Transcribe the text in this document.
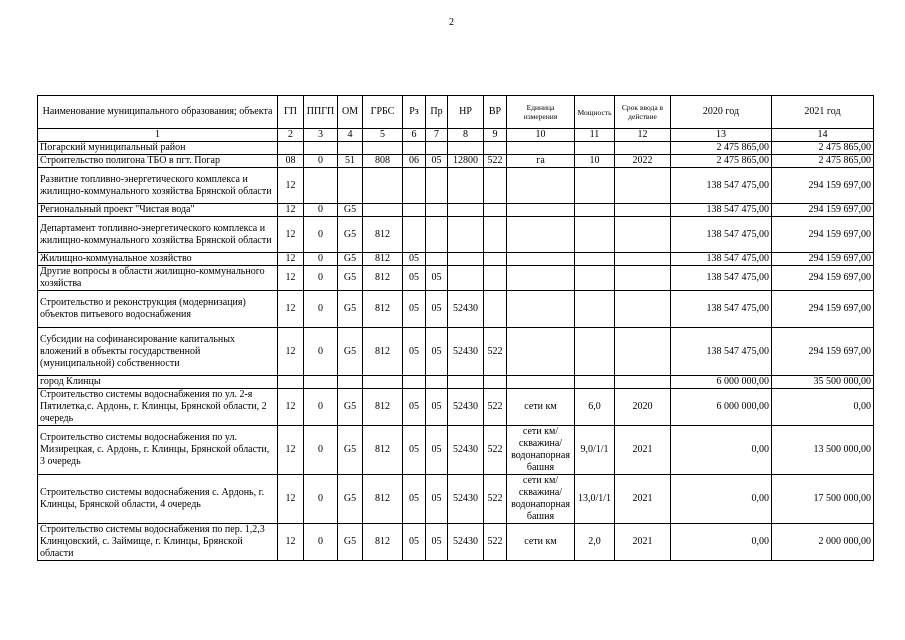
2
Наименование муниципального образования; объекта	ГП	ППГП	ОМ	ГРБС	Рз	Пр	НР	ВР	Единица измерения	Мощность	Срок ввода в действие	2020 год	2021 год
1	2	3	4	5	6	7	8	9	10	11	12	13	14
Погарский муниципальный район												2 475 865,00	2 475 865,00
Строительство полигона ТБО в пгт. Погар	08	0	51	808	06	05	12800	522	га	10	2022	2 475 865,00	2 475 865,00
Развитие топливно-энергетического комплекса и жилищно-коммунального хозяйства Брянской области	12											138 547 475,00	294 159 697,00
Региональный проект "Чистая вода"	12	0	G5									138 547 475,00	294 159 697,00
Департамент топливно-энергетического комплекса и жилищно-коммунального хозяйства Брянской области	12	0	G5	812								138 547 475,00	294 159 697,00
Жилищно-коммунальное хозяйство	12	0	G5	812	05							138 547 475,00	294 159 697,00
Другие вопросы в области жилищно-коммунального хозяйства	12	0	G5	812	05	05						138 547 475,00	294 159 697,00
Строительство и реконструкция (модернизация) объектов питьевого водоснабжения	12	0	G5	812	05	05	52430					138 547 475,00	294 159 697,00
Субсидии на софинансирование капитальных вложений в объекты государственной (муниципальной) собственности	12	0	G5	812	05	05	52430	522				138 547 475,00	294 159 697,00
город Клинцы												6 000 000,00	35 500 000,00
Строительство системы водоснабжения по ул. 2-я Пятилетка,с. Ардонь, г. Клинцы, Брянской области, 2 очередь	12	0	G5	812	05	05	52430	522	сети км	6,0	2020	6 000 000,00	0,00
Строительство системы водоснабжения по ул. Мизирецкая, с. Ардонь, г. Клинцы, Брянской области, 3 очередь	12	0	G5	812	05	05	52430	522	сети км/ скважина/ водонапорная башня	9,0/1/1	2021	0,00	13 500 000,00
Строительство системы водоснабжения с. Ардонь, г. Клинцы, Брянской области, 4 очередь	12	0	G5	812	05	05	52430	522	сети км/ скважина/ водонапорная башня	13,0/1/1	2021	0,00	17 500 000,00
Строительство системы водоснабжения по пер. 1,2,3 Клинцовский, с. Займище, г. Клинцы, Брянской области	12	0	G5	812	05	05	52430	522	сети км	2,0	2021	0,00	2 000 000,00
